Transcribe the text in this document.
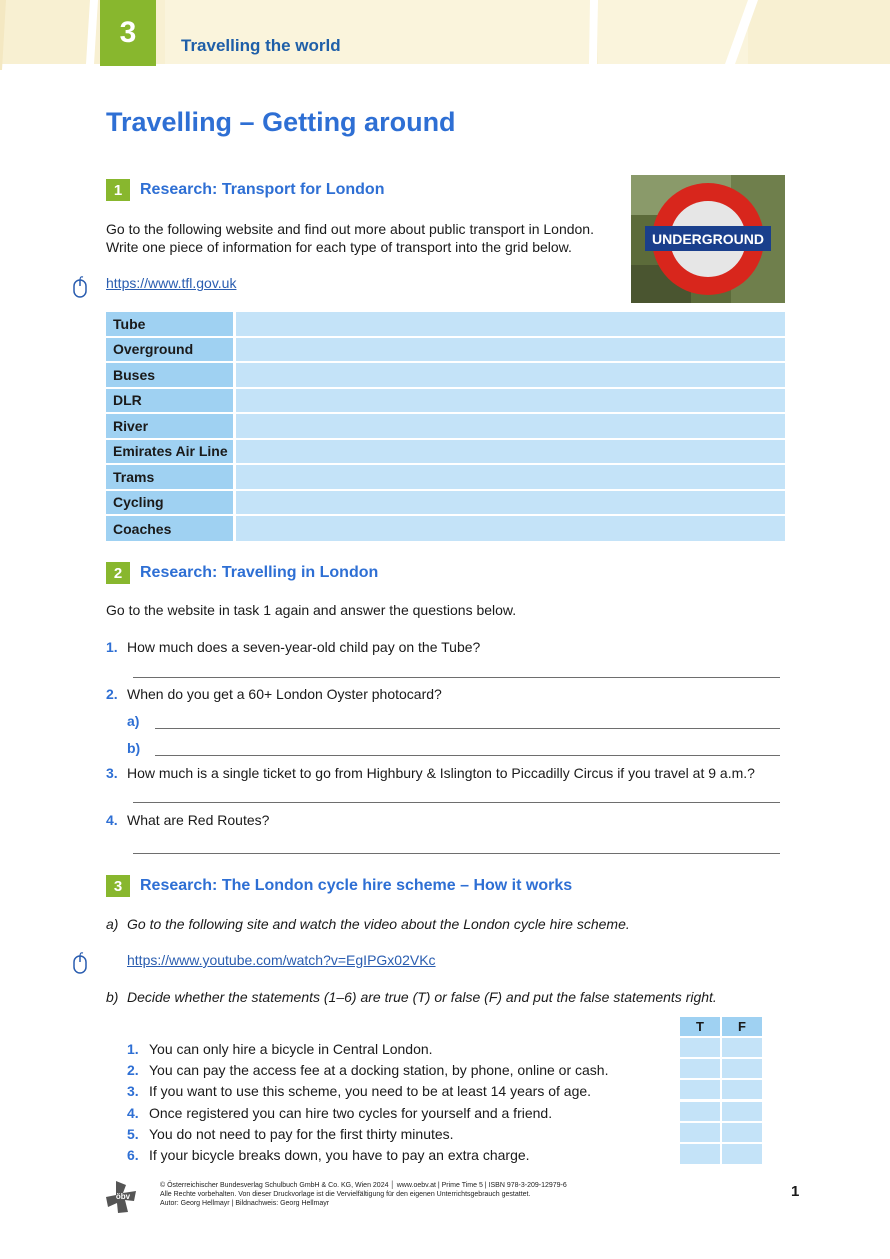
3	Travelling the world
Travelling – Getting around
1	Research: Transport for London
Go to the following website and find out more about public transport in London.
Write one piece of information for each type of transport into the grid below.
https://www.tfl.gov.uk
UNDERGROUND
Tube
Overground
Buses
DLR
River
Emirates Air Line
Trams
Cycling
Coaches
2	Research: Travelling in London
Go to the website in task 1 again and answer the questions below.
1. How much does a seven-year-old child pay on the Tube?
2. When do you get a 60+ London Oyster photocard?
a)
b)
3. How much is a single ticket to go from Highbury & Islington to Piccadilly Circus if you travel at 9 a.m.?
4. What are Red Routes?
3	Research: The London cycle hire scheme – How it works
a) Go to the following site and watch the video about the London cycle hire scheme.
https://www.youtube.com/watch?v=EgIPGx02VKc
b) Decide whether the statements (1–6) are true (T) or false (F) and put the false statements right.
1. You can only hire a bicycle in Central London.
2. You can pay the access fee at a docking station, by phone, online or cash.
3. If you want to use this scheme, you need to be at least 14 years of age.
4. Once registered you can hire two cycles for yourself and a friend.
5. You do not need to pay for the first thirty minutes.
6. If your bicycle breaks down, you have to pay an extra charge.
T	F
öbv
© Österreichischer Bundesverlag Schulbuch GmbH & Co. KG, Wien 2024 │ www.oebv.at | Prime Time 5 | ISBN 978-3-209-12979-6
Alle Rechte vorbehalten. Von dieser Druckvorlage ist die Vervielfältigung für den eigenen Unterrichtsgebrauch gestattet.
Autor: Georg Hellmayr | Bildnachweis: Georg Hellmayr
1
